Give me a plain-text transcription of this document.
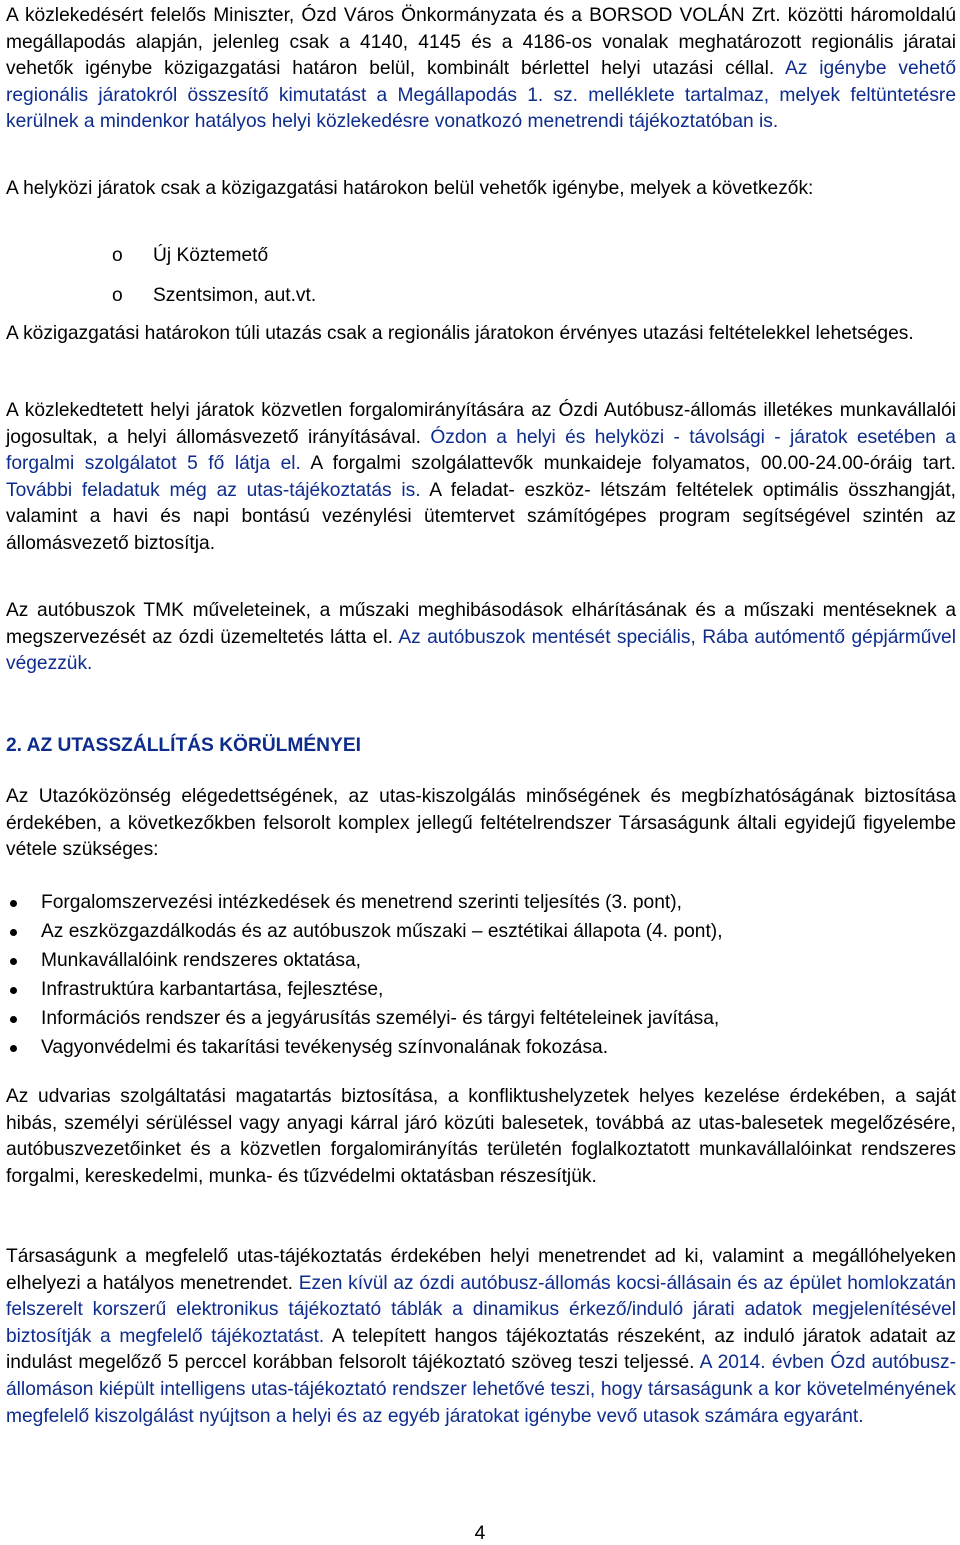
A közlekedésért felelős Miniszter, Ózd Város Önkormányzata és a BORSOD VOLÁN Zrt. közötti háromoldalú megállapodás alapján, jelenleg csak a 4140, 4145 és a 4186-os vonalak meghatározott regionális járatai vehetők igénybe közigazgatási határon belül, kombinált bérlettel helyi utazási céllal. Az igénybe vehető regionális járatokról összesítő kimutatást a Megállapodás 1. sz. melléklete tartalmaz, melyek feltüntetésre kerülnek a mindenkor hatályos helyi közlekedésre vonatkozó menetrendi tájékoztatóban is.

A helyközi járatok csak a közigazgatási határokon belül vehetők igénybe, melyek a következők:

o Új Köztemető
o Szentsimon, aut.vt.

A közigazgatási határokon túli utazás csak a regionális járatokon érvényes utazási feltételekkel lehetséges.

A közlekedtetett helyi járatok közvetlen forgalomirányítására az Ózdi Autóbusz-állomás illetékes munkavállalói jogosultak, a helyi állomásvezető irányításával. Ózdon a helyi és helyközi - távolsági - járatok esetében a forgalmi szolgálatot 5 fő látja el. A forgalmi szolgálattevők munkaideje folyamatos, 00.00-24.00-óráig tart. További feladatuk még az utas-tájékoztatás is. A feladat- eszköz- létszám feltételek optimális összhangját, valamint a havi és napi bontású vezénylési ütemtervet számítógépes program segítségével szintén az állomásvezető biztosítja.

Az autóbuszok TMK műveleteinek, a műszaki meghibásodások elhárításának és a műszaki mentéseknek a megszervezését az ózdi üzemeltetés látta el. Az autóbuszok mentését speciális, Rába autómentő gépjárművel végezzük.

2. AZ UTASSZÁLLÍTÁS KÖRÜLMÉNYEI

Az Utazóközönség elégedettségének, az utas-kiszolgálás minőségének és megbízhatóságának biztosítása érdekében, a következőkben felsorolt komplex jellegű feltételrendszer Társaságunk általi egyidejű figyelembe vétele szükséges:

Forgalomszervezési intézkedések és menetrend szerinti teljesítés (3. pont),
Az eszközgazdálkodás és az autóbuszok műszaki – esztétikai állapota (4. pont),
Munkavállalóink rendszeres oktatása,
Infrastruktúra karbantartása, fejlesztése,
Információs rendszer és a jegyárusítás személyi- és tárgyi feltételeinek javítása,
Vagyonvédelmi és takarítási tevékenység színvonalának fokozása.

Az udvarias szolgáltatási magatartás biztosítása, a konfliktushelyzetek helyes kezelése érdekében, a saját hibás, személyi sérüléssel vagy anyagi kárral járó közúti balesetek, továbbá az utas-balesetek megelőzésére, autóbuszvezetőinket és a közvetlen forgalomirányítás területén foglalkoztatott munkavállalóinkat rendszeres forgalmi, kereskedelmi, munka- és tűzvédelmi oktatásban részesítjük.

Társaságunk a megfelelő utas-tájékoztatás érdekében helyi menetrendet ad ki, valamint a megállóhelyeken elhelyezi a hatályos menetrendet. Ezen kívül az ózdi autóbusz-állomás kocsi-állásain és az épület homlokzatán felszerelt korszerű elektronikus tájékoztató táblák a dinamikus érkező/induló járati adatok megjelenítésével biztosítják a megfelelő tájékoztatást. A telepített hangos tájékoztatás részeként, az induló járatok adatait az indulást megelőző 5 perccel korábban felsorolt tájékoztató szöveg teszi teljessé. A 2014. évben Ózd autóbusz-állomáson kiépült intelligens utas-tájékoztató rendszer lehetővé teszi, hogy társaságunk a kor követelményének megfelelő kiszolgálást nyújtson a helyi és az egyéb járatokat igénybe vevő utasok számára egyaránt.

4
